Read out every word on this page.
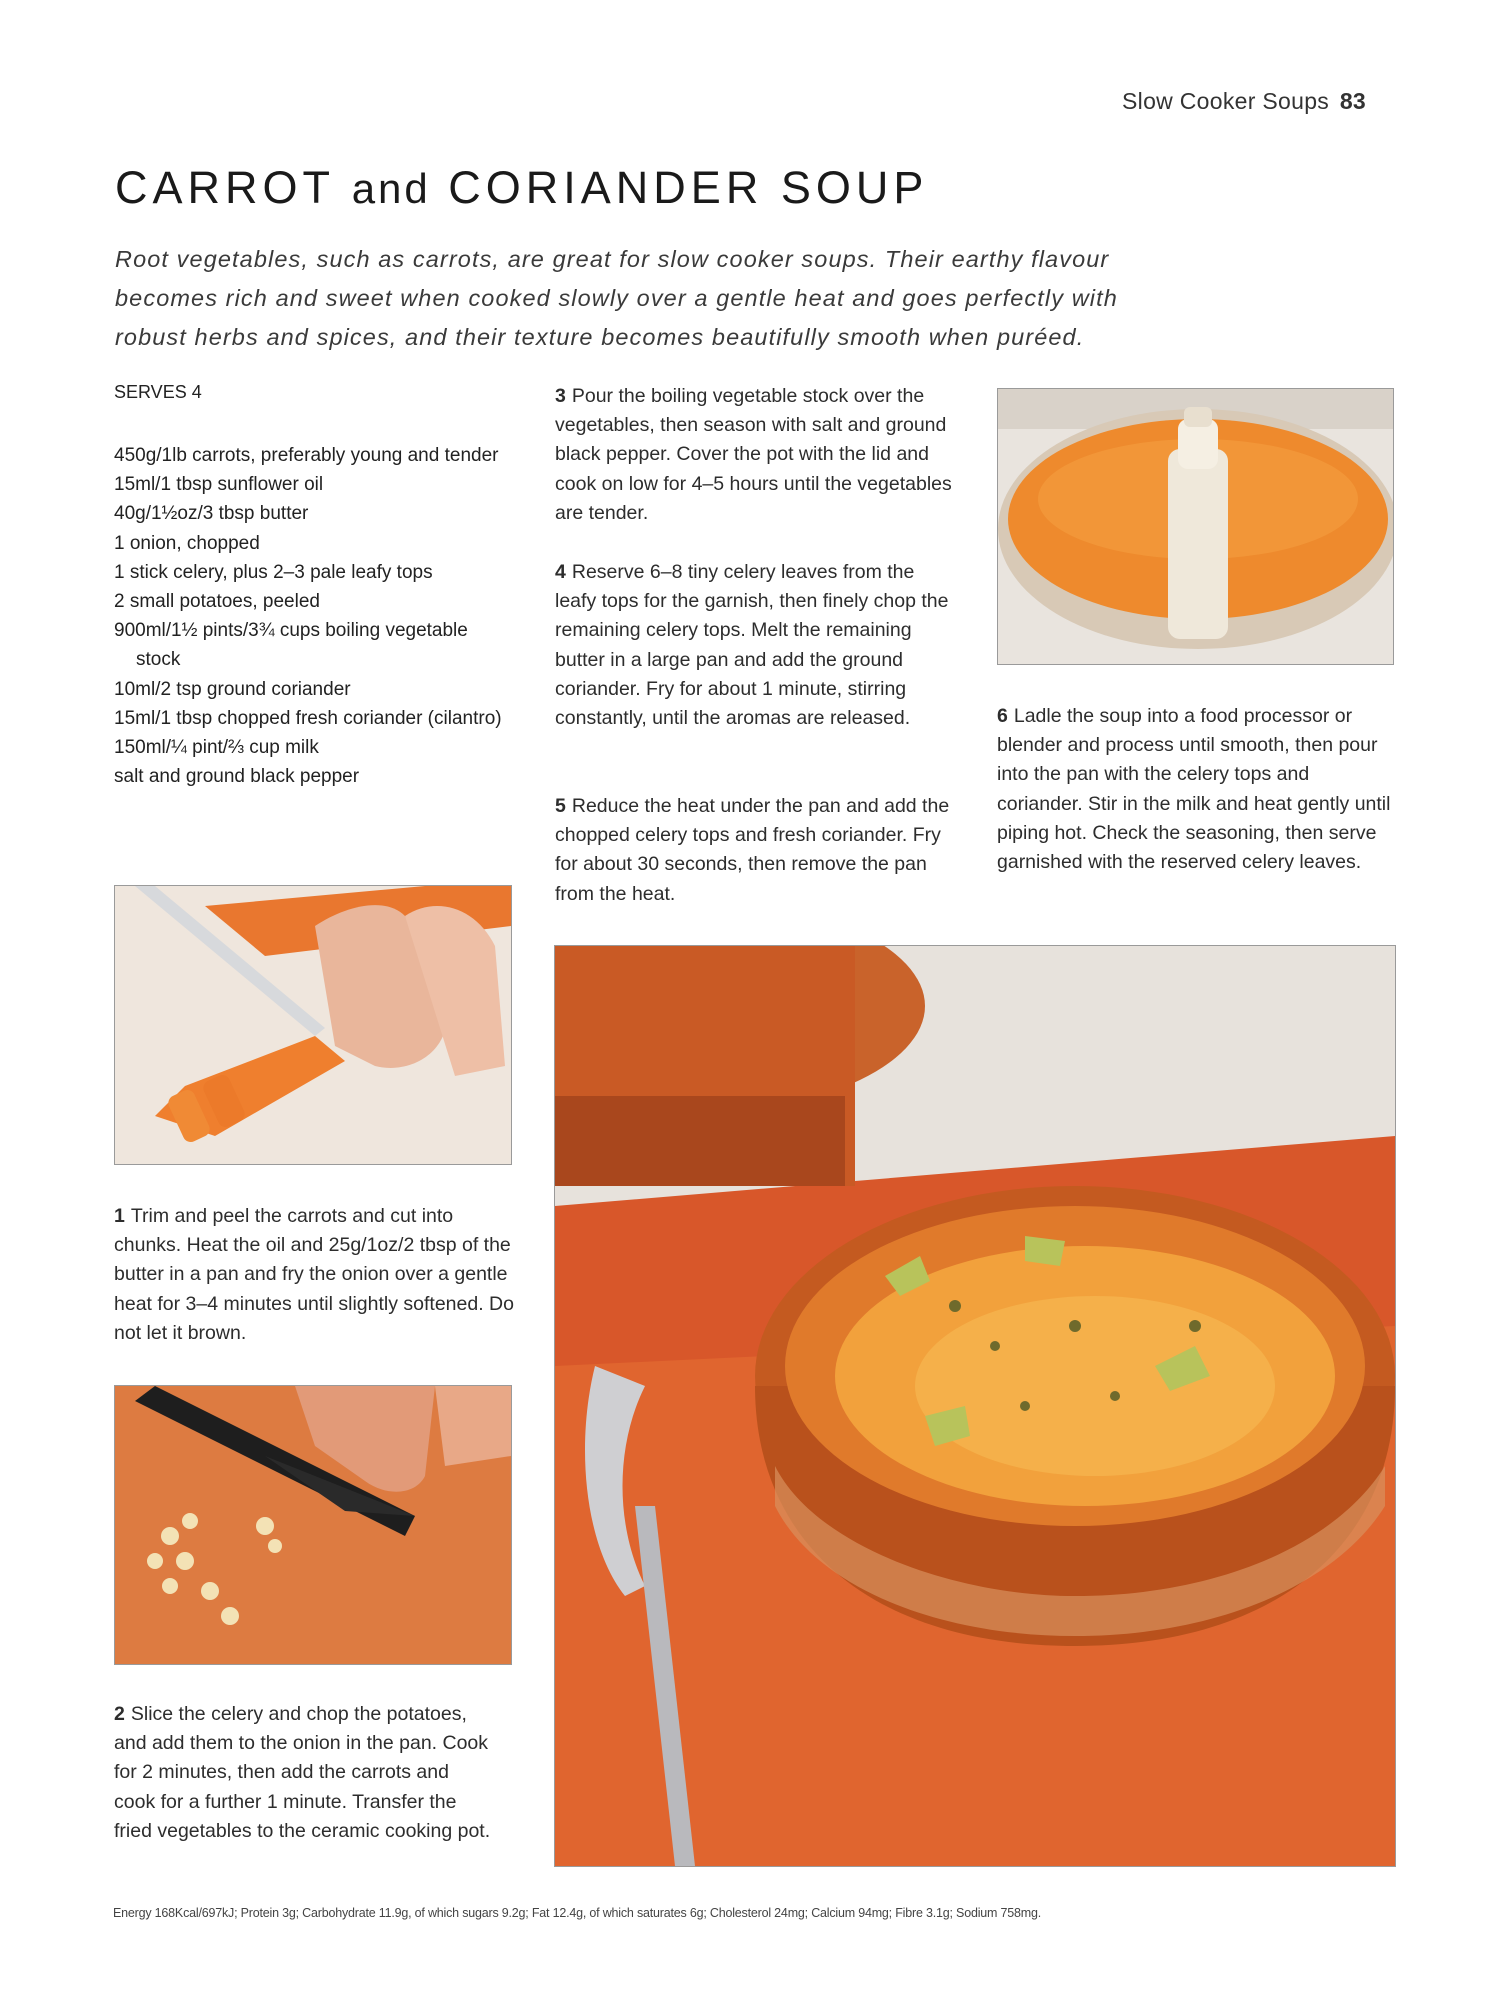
Slow Cooker Soups 83
CARROT and CORIANDER SOUP
Root vegetables, such as carrots, are great for slow cooker soups. Their earthy flavour becomes rich and sweet when cooked slowly over a gentle heat and goes perfectly with robust herbs and spices, and their texture becomes beautifully smooth when puréed.
SERVES 4
450g/1lb carrots, preferably young and tender
15ml/1 tbsp sunflower oil
40g/1½oz/3 tbsp butter
1 onion, chopped
1 stick celery, plus 2–3 pale leafy tops
2 small potatoes, peeled
900ml/1½ pints/3¾ cups boiling vegetable stock
10ml/2 tsp ground coriander
15ml/1 tbsp chopped fresh coriander (cilantro)
150ml/¼ pint/⅔ cup milk
salt and ground black pepper

1 Trim and peel the carrots and cut into chunks. Heat the oil and 25g/1oz/2 tbsp of the butter in a pan and fry the onion over a gentle heat for 3–4 minutes until slightly softened. Do not let it brown.

2 Slice the celery and chop the potatoes, and add them to the onion in the pan. Cook for 2 minutes, then add the carrots and cook for a further 1 minute. Transfer the fried vegetables to the ceramic cooking pot.

3 Pour the boiling vegetable stock over the vegetables, then season with salt and ground black pepper. Cover the pot with the lid and cook on low for 4–5 hours until the vegetables are tender.

4 Reserve 6–8 tiny celery leaves from the leafy tops for the garnish, then finely chop the remaining celery tops. Melt the remaining butter in a large pan and add the ground coriander. Fry for about 1 minute, stirring constantly, until the aromas are released.

5 Reduce the heat under the pan and add the chopped celery tops and fresh coriander. Fry for about 30 seconds, then remove the pan from the heat.

6 Ladle the soup into a food processor or blender and process until smooth, then pour into the pan with the celery tops and coriander. Stir in the milk and heat gently until piping hot. Check the seasoning, then serve garnished with the reserved celery leaves.

Energy 168Kcal/697kJ; Protein 3g; Carbohydrate 11.9g, of which sugars 9.2g; Fat 12.4g, of which saturates 6g; Cholesterol 24mg; Calcium 94mg; Fibre 3.1g; Sodium 758mg.
